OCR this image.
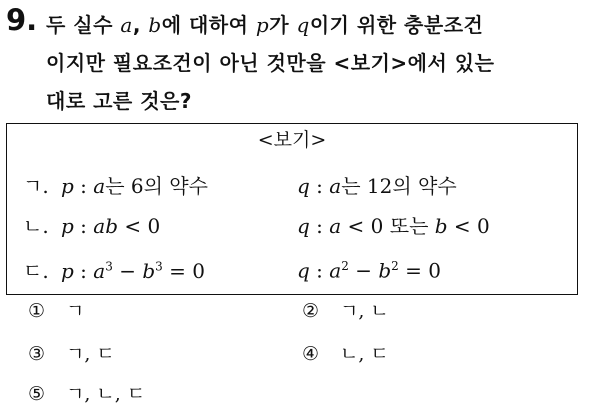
9. 두 실수 a, b에 대하여 p가 q이기 위한 충분조건
이지만 필요조건이 아닌 것만을 <보기>에서 있는
대로 고른 것은?
<보기>
ㄱ. p : a는 6의 약수	q : a는 12의 약수
ㄴ. p : ab < 0	q : a < 0 또는 b < 0
ㄷ. p : $a^3 - b^3 = 0$	q : $a^2 - b^2 = 0$
① ㄱ	② ㄱ, ㄴ
③ ㄱ, ㄷ	④ ㄴ, ㄷ
⑤ ㄱ, ㄴ, ㄷ
